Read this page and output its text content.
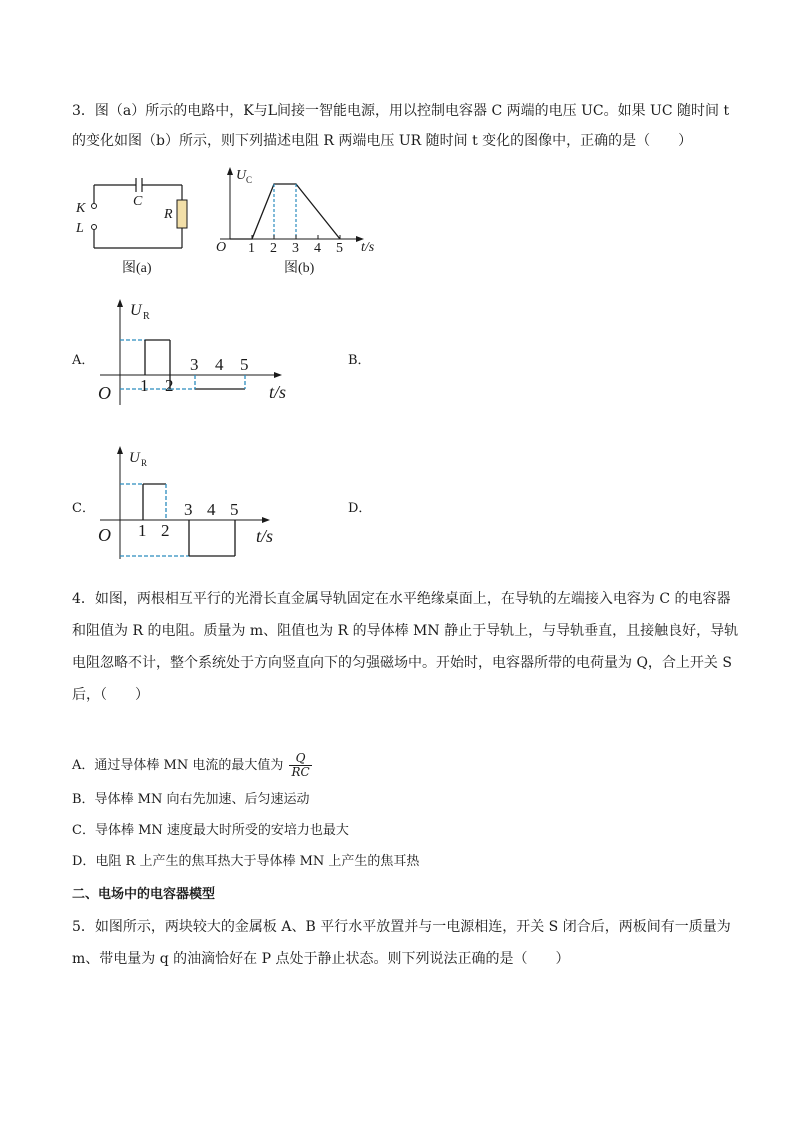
3．图（a）所示的电路中，K与L间接一智能电源，用以控制电容器 C 两端的电压 UC。如果 UC 随时间 t
的变化如图（b）所示，则下列描述电阻 R 两端电压 UR 随时间 t 变化的图像中，正确的是（　　）
C
R
K
L
图(a)
U C
O 1 2 3 4 5 t/s
图(b)
A．
U R
O 1 2
3 4 5
t/s
B．
C．
U R
O 1 2
3 4 5
t/s
D．
4．如图，两根相互平行的光滑长直金属导轨固定在水平绝缘桌面上，在导轨的左端接入电容为 C 的电容器
和阻值为 R 的电阻。质量为 m、阻值也为 R 的导体棒 MN 静止于导轨上，与导轨垂直，且接触良好，导轨
电阻忽略不计，整个系统处于方向竖直向下的匀强磁场中。开始时，电容器所带的电荷量为 Q，合上开关 S
后，（　　）
A．通过导体棒 MN 电流的最大值为 $\frac{Q}{RC}$
B．导体棒 MN 向右先加速、后匀速运动
C．导体棒 MN 速度最大时所受的安培力也最大
D．电阻 R 上产生的焦耳热大于导体棒 MN 上产生的焦耳热
二、电场中的电容器模型
5．如图所示，两块较大的金属板 A、B 平行水平放置并与一电源相连，开关 S 闭合后，两板间有一质量为
m、带电量为 q 的油滴恰好在 P 点处于静止状态。则下列说法正确的是（　　）
